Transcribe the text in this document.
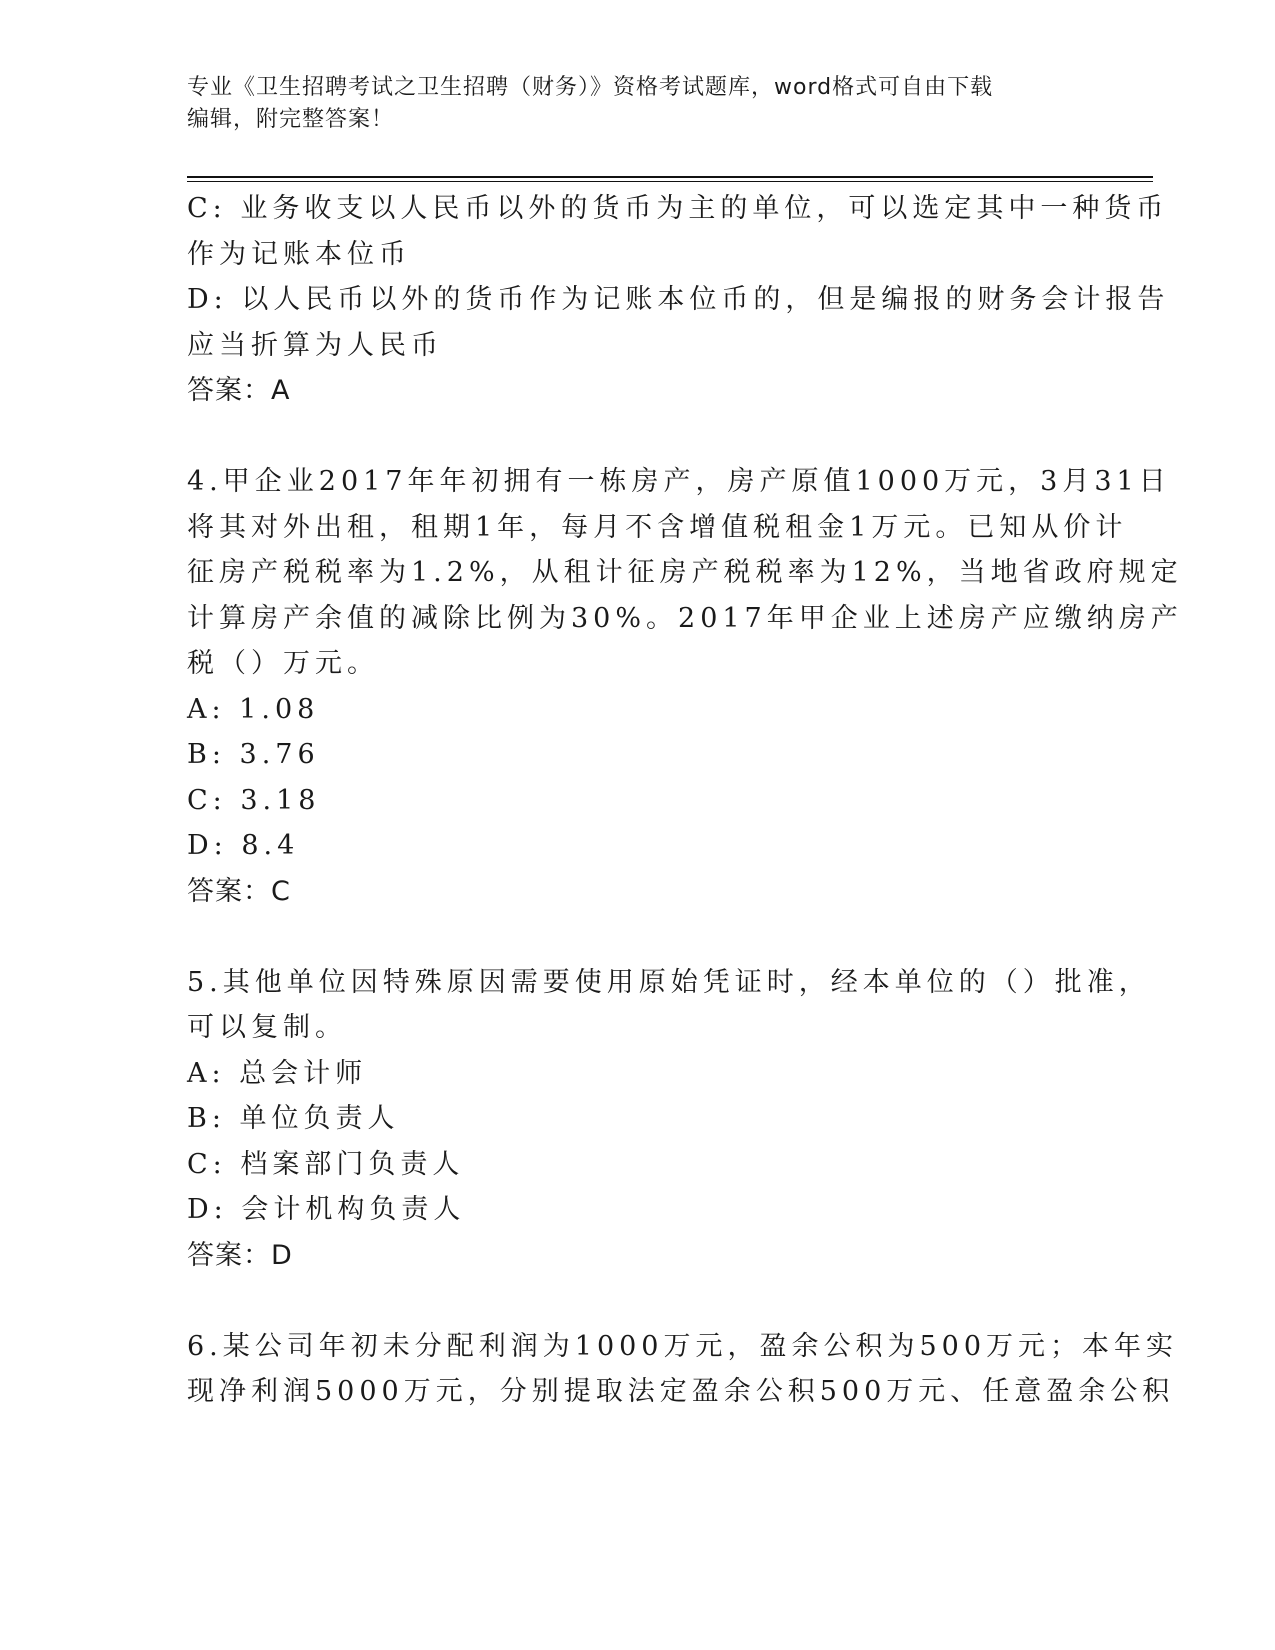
专业《卫生招聘考试之卫生招聘（财务）》资格考试题库，word格式可自由下载
编辑，附完整答案！
C: 业务收支以人民币以外的货币为主的单位，可以选定其中一种货币
作为记账本位币
D: 以人民币以外的货币作为记账本位币的，但是编报的财务会计报告
应当折算为人民币
答案：A
4.甲企业2017年年初拥有一栋房产，房产原值1000万元，3月31日
将其对外出租，租期1年，每月不含增值税租金1万元。已知从价计
征房产税税率为1.2%，从租计征房产税税率为12%，当地省政府规定
计算房产余值的减除比例为30%。2017年甲企业上述房产应缴纳房产
税（）万元。
A: 1.08
B: 3.76
C: 3.18
D: 8.4
答案：C
5.其他单位因特殊原因需要使用原始凭证时，经本单位的（）批准，
可以复制。
A: 总会计师
B: 单位负责人
C: 档案部门负责人
D: 会计机构负责人
答案：D
6.某公司年初未分配利润为1000万元，盈余公积为500万元；本年实
现净利润5000万元，分别提取法定盈余公积500万元、任意盈余公积
